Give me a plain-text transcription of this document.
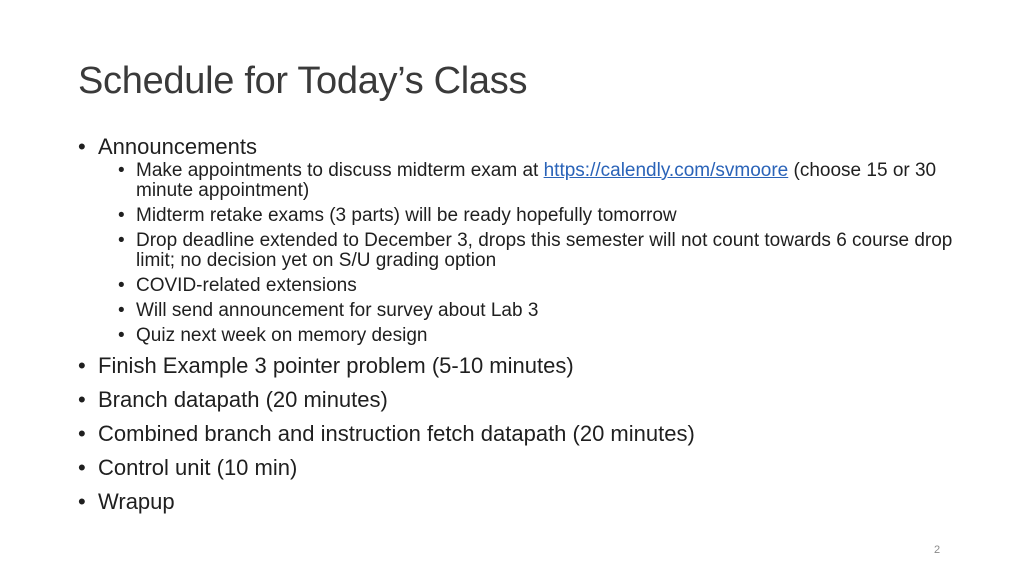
Schedule for Today’s Class
• Announcements
• Make appointments to discuss midterm exam at https://calendly.com/svmoore (choose 15 or 30 minute appointment)
• Midterm retake exams (3 parts) will be ready hopefully tomorrow
• Drop deadline extended to December 3, drops this semester will not count towards 6 course drop limit; no decision yet on S/U grading option
• COVID-related extensions
• Will send announcement for survey about Lab 3
• Quiz next week on memory design
• Finish Example 3 pointer problem (5-10 minutes)
• Branch datapath (20 minutes)
• Combined branch and instruction fetch datapath (20 minutes)
• Control unit (10 min)
• Wrapup
2
